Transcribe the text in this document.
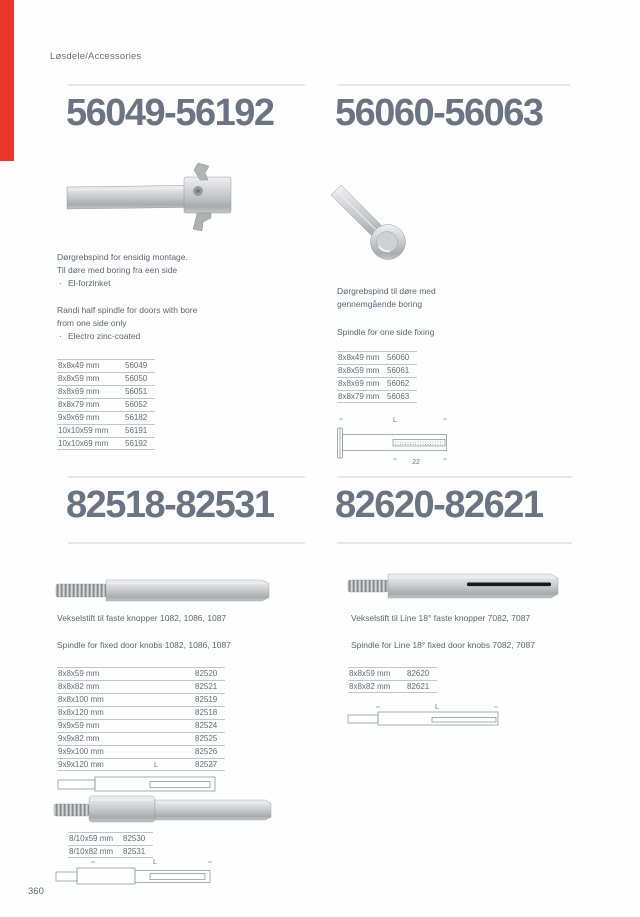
Løsdele/Accessories
56049-56192
Dørgrebspind for ensidig montage.
Til døre med boring fra een side
· El-forzinket
Randi half spindle for doors with bore
from one side only
· Electro zinc-coated
8x8x49 mm	56049
8x8x59 mm	56050
8x8x69 mm	56051
8x8x79 mm	56052
9x9x69 mm	56182
10x10x59 mm	56191
10x10x69 mm	56192
56060-56063
Dørgrebspind til døre med
gennemgående boring
Spindle for one side fixing
8x8x49 mm 56060
8x8x59 mm 56061
8x8x69 mm 56062
8x8x79 mm 56063
L
22
82518-82531
Vekselstift til faste knopper 1082, 1086, 1087
Spindle for fixed door knobs 1082, 1086, 1087
8x8x59 mm	82520
8x8x82 mm	82521
8x8x100 mm	82519
8x8x120 mm	82518
9x9x59 mm	82524
9x9x82 mm	82525
9x9x100 mm	82526
9x9x120 mm	82527
L
8/10x59 mm	82530
8/10x82 mm	82531
L
82620-82621
Vekselstift til Line 18° faste knopper 7082, 7087
Spindle for Line 18° fixed door knobs 7082, 7087
8x8x59 mm	82620
8x8x82 mm	82621
L
360
